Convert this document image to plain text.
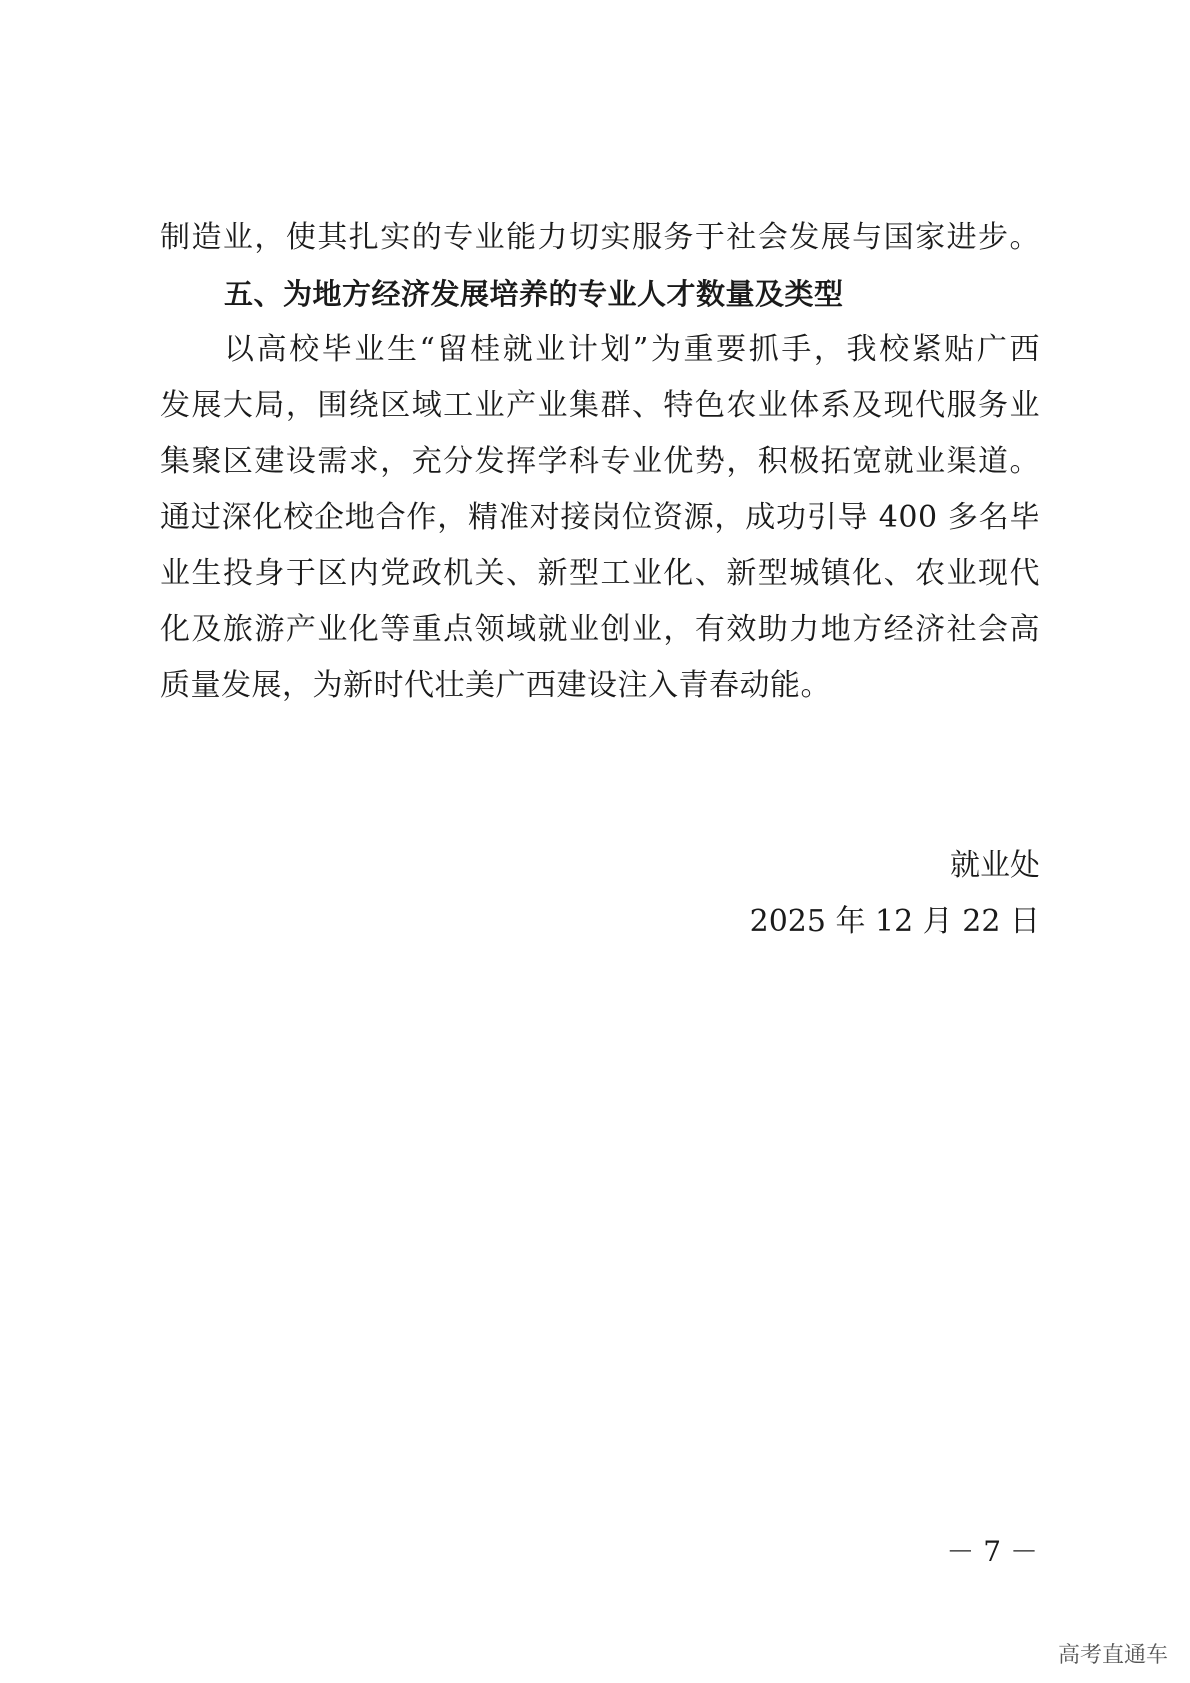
制造业，使其扎实的专业能力切实服务于社会发展与国家进步。
五、为地方经济发展培养的专业人才数量及类型
以高校毕业生“留桂就业计划”为重要抓手，我校紧贴广西
发展大局，围绕区域工业产业集群、特色农业体系及现代服务业
集聚区建设需求，充分发挥学科专业优势，积极拓宽就业渠道。
通过深化校企地合作，精准对接岗位资源，成功引导 400 多名毕
业生投身于区内党政机关、新型工业化、新型城镇化、农业现代
化及旅游产业化等重点领域就业创业，有效助力地方经济社会高
质量发展，为新时代壮美广西建设注入青春动能。
就业处
2025 年 12 月 22 日
－ 7 －
高考直通车
